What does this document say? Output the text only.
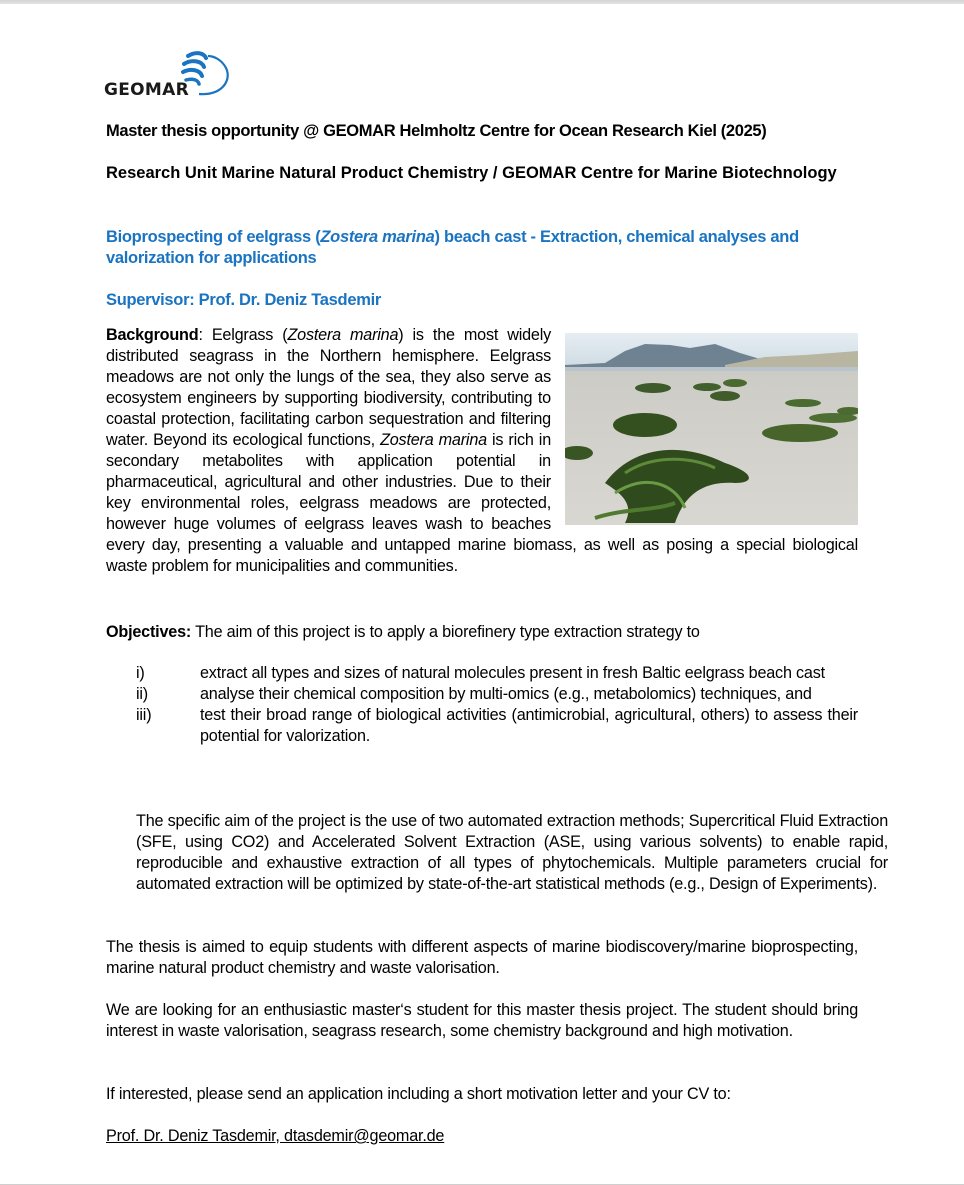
GEOMAR
Master thesis opportunity @ GEOMAR Helmholtz Centre for Ocean Research Kiel (2025)
Research Unit Marine Natural Product Chemistry / GEOMAR Centre for Marine Biotechnology
Bioprospecting of eelgrass (Zostera marina) beach cast - Extraction, chemical analyses and valorization for applications
Supervisor: Prof. Dr. Deniz Tasdemir
Background: Eelgrass (Zostera marina) is the most widely distributed seagrass in the Northern hemisphere. Eelgrass meadows are not only the lungs of the sea, they also serve as ecosystem engineers by supporting biodiversity, contributing to coastal protection, facilitating carbon sequestration and filtering water. Beyond its ecological functions, Zostera marina is rich in secondary metabolites with application potential in pharmaceutical, agricultural and other industries. Due to their key environmental roles, eelgrass meadows are protected, however huge volumes of eelgrass leaves wash to beaches every day, presenting a valuable and untapped marine biomass, as well as posing a special biological waste problem for municipalities and communities.
Objectives: The aim of this project is to apply a biorefinery type extraction strategy to
i)	extract all types and sizes of natural molecules present in fresh Baltic eelgrass beach cast
ii)	analyse their chemical composition by multi-omics (e.g., metabolomics) techniques, and
iii)	test their broad range of biological activities (antimicrobial, agricultural, others) to assess their potential for valorization.
The specific aim of the project is the use of two automated extraction methods; Supercritical Fluid Extraction (SFE, using CO2) and Accelerated Solvent Extraction (ASE, using various solvents) to enable rapid, reproducible and exhaustive extraction of all types of phytochemicals. Multiple parameters crucial for automated extraction will be optimized by state-of-the-art statistical methods (e.g., Design of Experiments).
The thesis is aimed to equip students with different aspects of marine biodiscovery/marine bioprospecting, marine natural product chemistry and waste valorisation.
We are looking for an enthusiastic master‘s student for this master thesis project. The student should bring interest in waste valorisation, seagrass research, some chemistry background and high motivation.
If interested, please send an application including a short motivation letter and your CV to:
Prof. Dr. Deniz Tasdemir, dtasdemir@geomar.de
